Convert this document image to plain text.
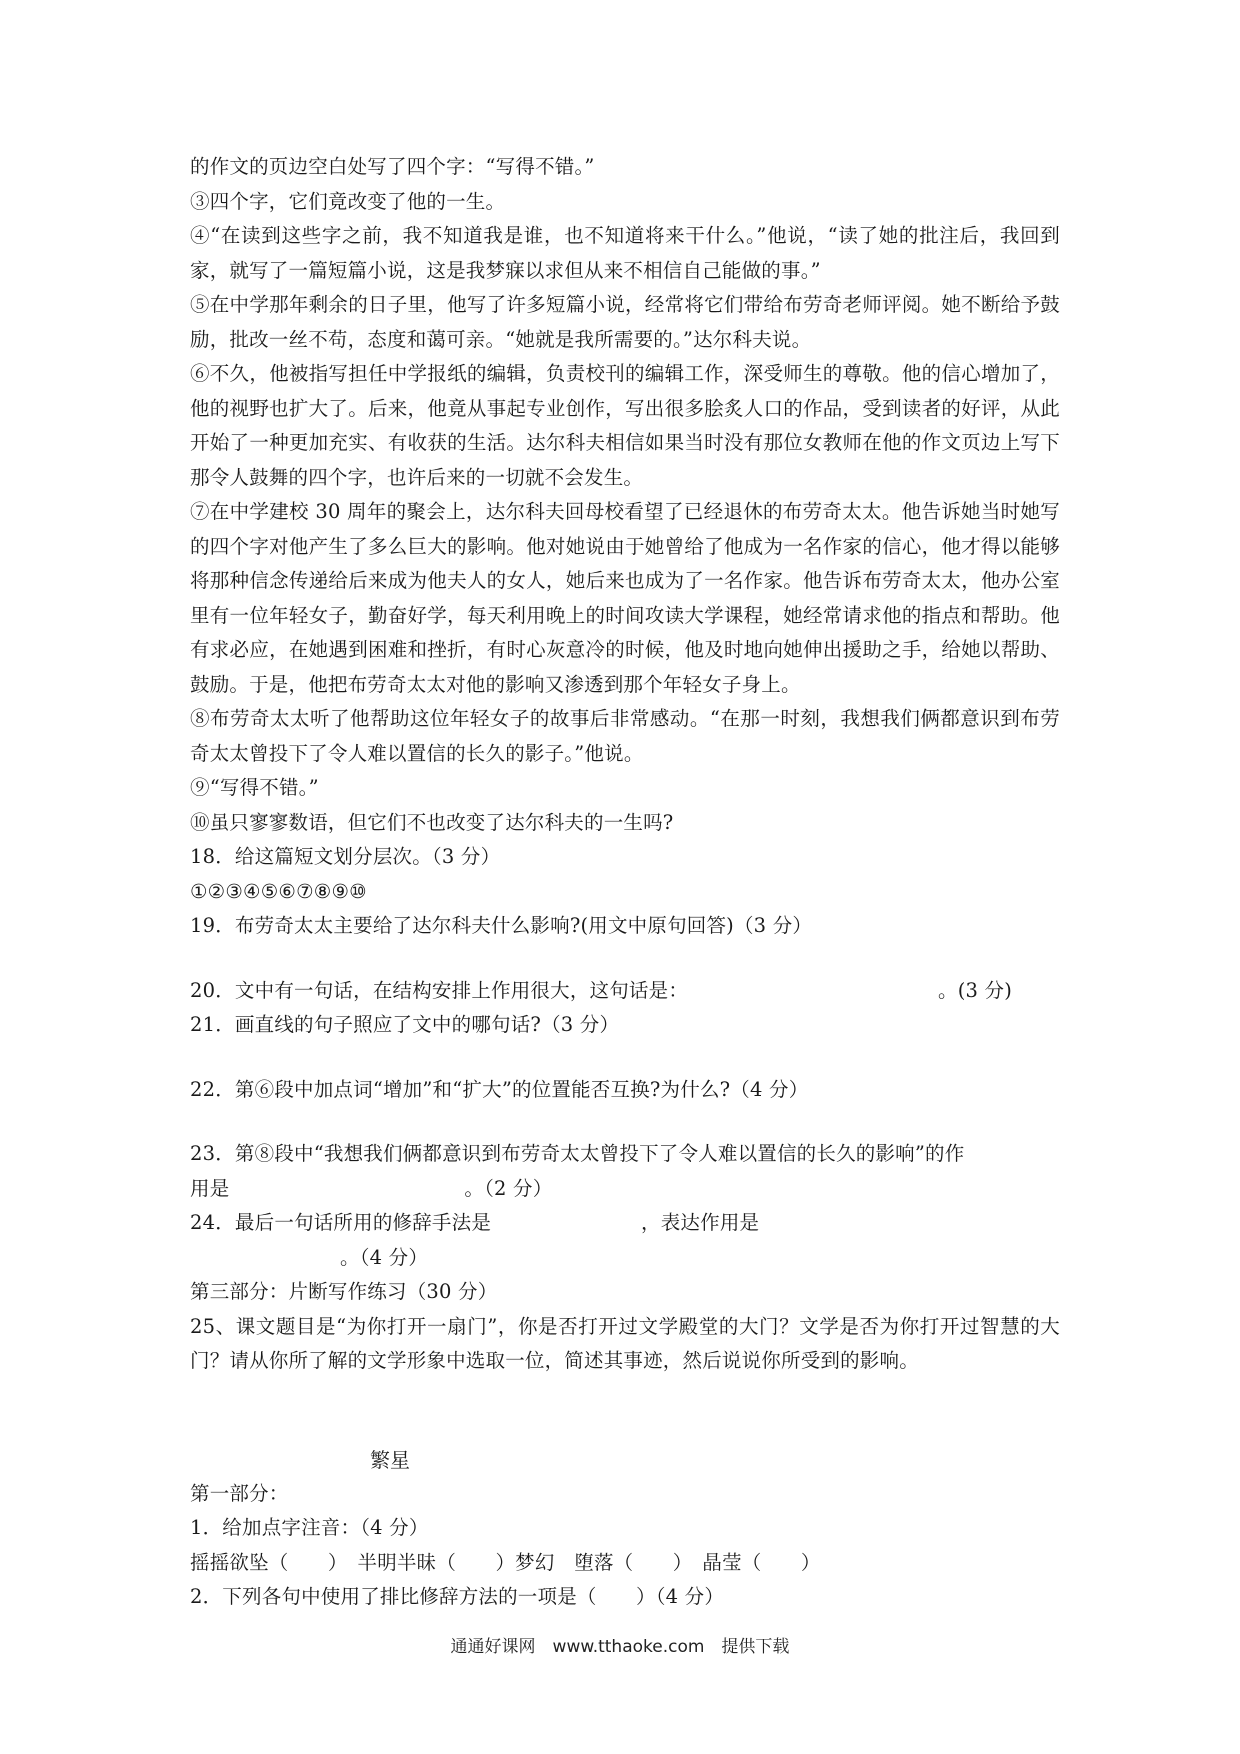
的作文的页边空白处写了四个字：“写得不错。”
③四个字，它们竟改变了他的一生。
④“在读到这些字之前，我不知道我是谁，也不知道将来干什么。”他说，“读了她的批注后，我回到家，就写了一篇短篇小说，这是我梦寐以求但从来不相信自己能做的事。”
⑤在中学那年剩余的日子里，他写了许多短篇小说，经常将它们带给布劳奇老师评阅。她不断给予鼓励，批改一丝不苟，态度和蔼可亲。“她就是我所需要的。”达尔科夫说。
⑥不久，他被指写担任中学报纸的编辑，负责校刊的编辑工作，深受师生的尊敬。他的信心增加了，他的视野也扩大了。后来，他竟从事起专业创作，写出很多脍炙人口的作品，受到读者的好评，从此开始了一种更加充实、有收获的生活。达尔科夫相信如果当时没有那位女教师在他的作文页边上写下那令人鼓舞的四个字，也许后来的一切就不会发生。
⑦在中学建校 30 周年的聚会上，达尔科夫回母校看望了已经退休的布劳奇太太。他告诉她当时她写的四个字对他产生了多么巨大的影响。他对她说由于她曾给了他成为一名作家的信心，他才得以能够将那种信念传递给后来成为他夫人的女人，她后来也成为了一名作家。他告诉布劳奇太太，他办公室里有一位年轻女子，勤奋好学，每天利用晚上的时间攻读大学课程，她经常请求他的指点和帮助。他有求必应，在她遇到困难和挫折，有时心灰意冷的时候，他及时地向她伸出援助之手，给她以帮助、鼓励。于是，他把布劳奇太太对他的影响又渗透到那个年轻女子身上。
⑧布劳奇太太听了他帮助这位年轻女子的故事后非常感动。“在那一时刻，我想我们俩都意识到布劳奇太太曾投下了令人难以置信的长久的影子。”他说。
⑨“写得不错。”
⑩虽只寥寥数语，但它们不也改变了达尔科夫的一生吗?
18．给这篇短文划分层次。（3 分）
①②③④⑤⑥⑦⑧⑨⑩
19．布劳奇太太主要给了达尔科夫什么影响?(用文中原句回答)（3 分）
20．文中有一句话，在结构安排上作用很大，这句话是：	。(3 分)
21．画直线的句子照应了文中的哪句话?（3 分）
22．第⑥段中加点词“增加”和“扩大”的位置能否互换?为什么?（4 分）
23．第⑧段中“我想我们俩都意识到布劳奇太太曾投下了令人难以置信的长久的影响”的作
用是	。（2 分）
24．最后一句话所用的修辞手法是	，表达作用是
。（4 分）
第三部分：片断写作练习（30 分）
25、课文题目是“为你打开一扇门”，你是否打开过文学殿堂的大门？文学是否为你打开过智慧的大门？请从你所了解的文学形象中选取一位，简述其事迹，然后说说你所受到的影响。
繁星
第一部分：
1．给加点字注音：（4 分）
摇摇欲坠（　　）　半明半昧（　　）梦幻　堕落（　　）　晶莹（　　）
2．下列各句中使用了排比修辞方法的一项是（　　）（4 分）
通通好课网　www.tthaoke.com　提供下载
